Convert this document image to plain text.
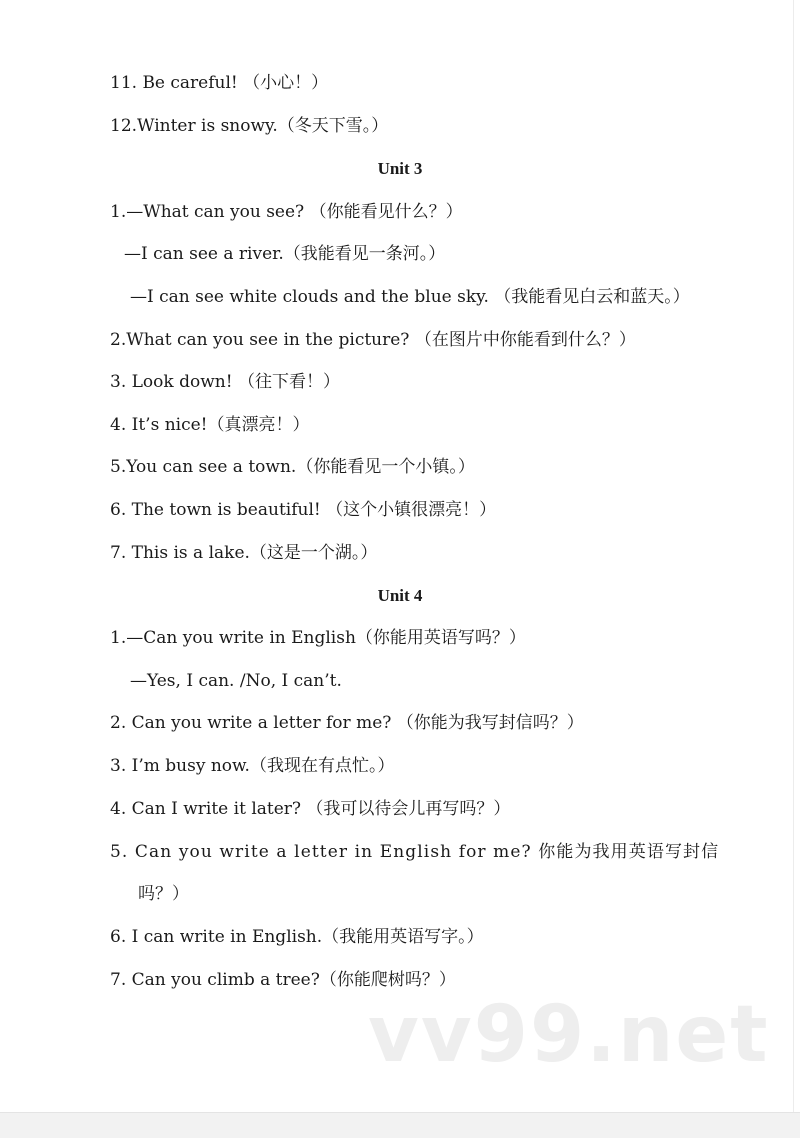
11. Be careful! （小心！）
12.Winter is snowy.（冬天下雪。）
Unit 3
1.—What can you see? （你能看见什么？）
—I can see a river.（我能看见一条河。）
—I can see white clouds and the blue sky. （我能看见白云和蓝天。）
2.What can you see in the picture? （在图片中你能看到什么？）
3. Look down! （往下看！）
4. It’s nice!（真漂亮！）
5.You can see a town.（你能看见一个小镇。）
6. The town is beautiful! （这个小镇很漂亮！）
7. This is a lake.（这是一个湖。）
Unit 4
1.—Can you write in English（你能用英语写吗？）
—Yes, I can. /No, I can’t.
2. Can you write a letter for me? （你能为我写封信吗？）
3. I’m busy now.（我现在有点忙。）
4. Can I write it later? （我可以待会儿再写吗？）
5. Can you write a letter in English for me? 你能为我用英语写封信
吗？）
6. I can write in English.（我能用英语写字。）
7. Can you climb a tree?（你能爬树吗？）
vv99.net
